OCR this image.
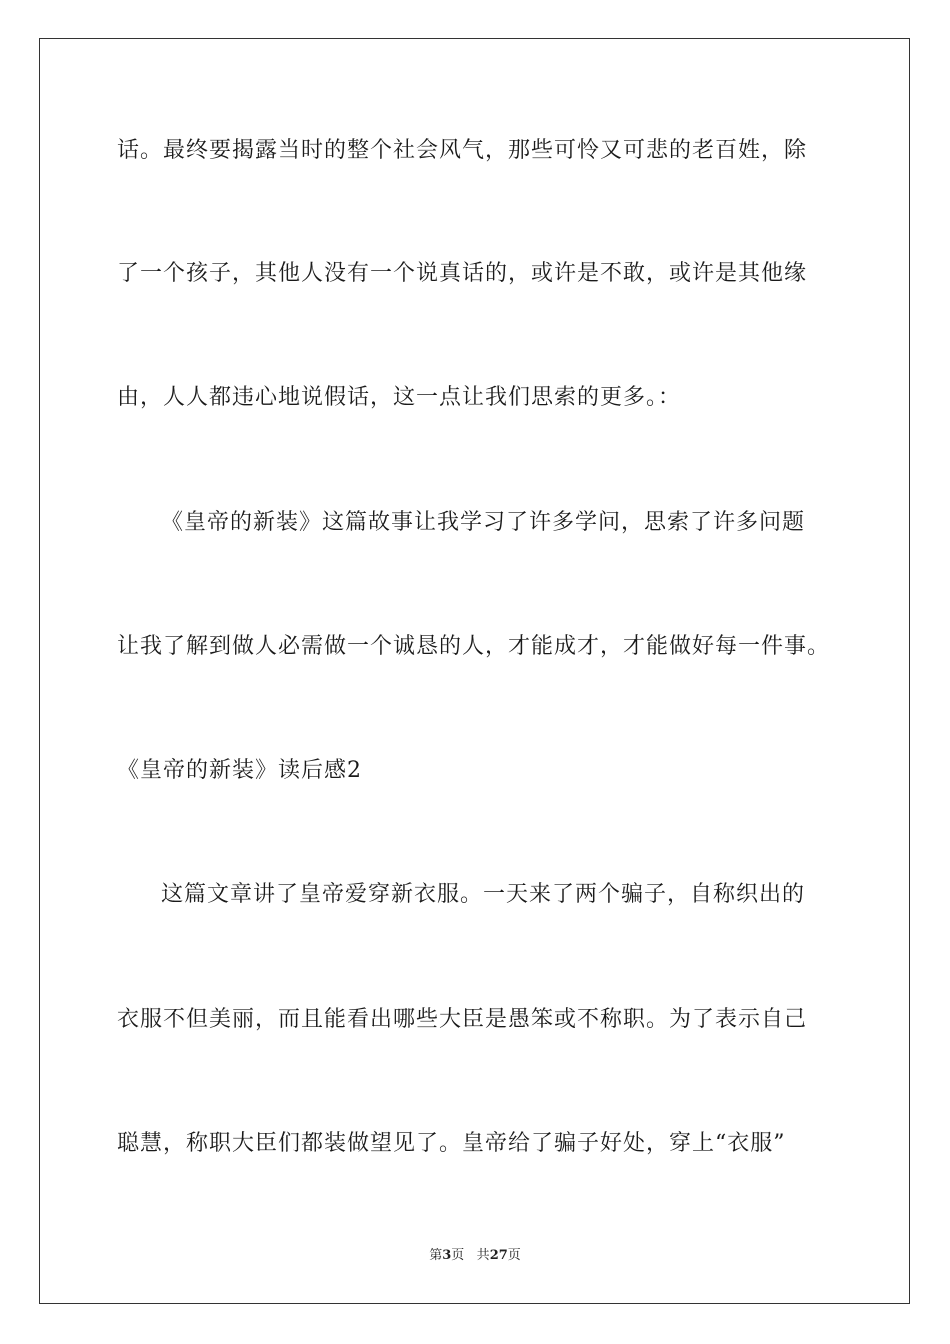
话。最终要揭露当时的整个社会风气，那些可怜又可悲的老百姓，除
了一个孩子，其他人没有一个说真话的，或许是不敢，或许是其他缘
由，人人都违心地说假话，这一点让我们思索的更多。：
《皇帝的新装》这篇故事让我学习了许多学问，思索了许多问题
让我了解到做人必需做一个诚恳的人，才能成才，才能做好每一件事。
《皇帝的新装》读后感2
这篇文章讲了皇帝爱穿新衣服。一天来了两个骗子，自称织出的
衣服不但美丽，而且能看出哪些大臣是愚笨或不称职。为了表示自己
聪慧，称职大臣们都装做望见了。皇帝给了骗子好处，穿上“衣服”
第3页 共27页
